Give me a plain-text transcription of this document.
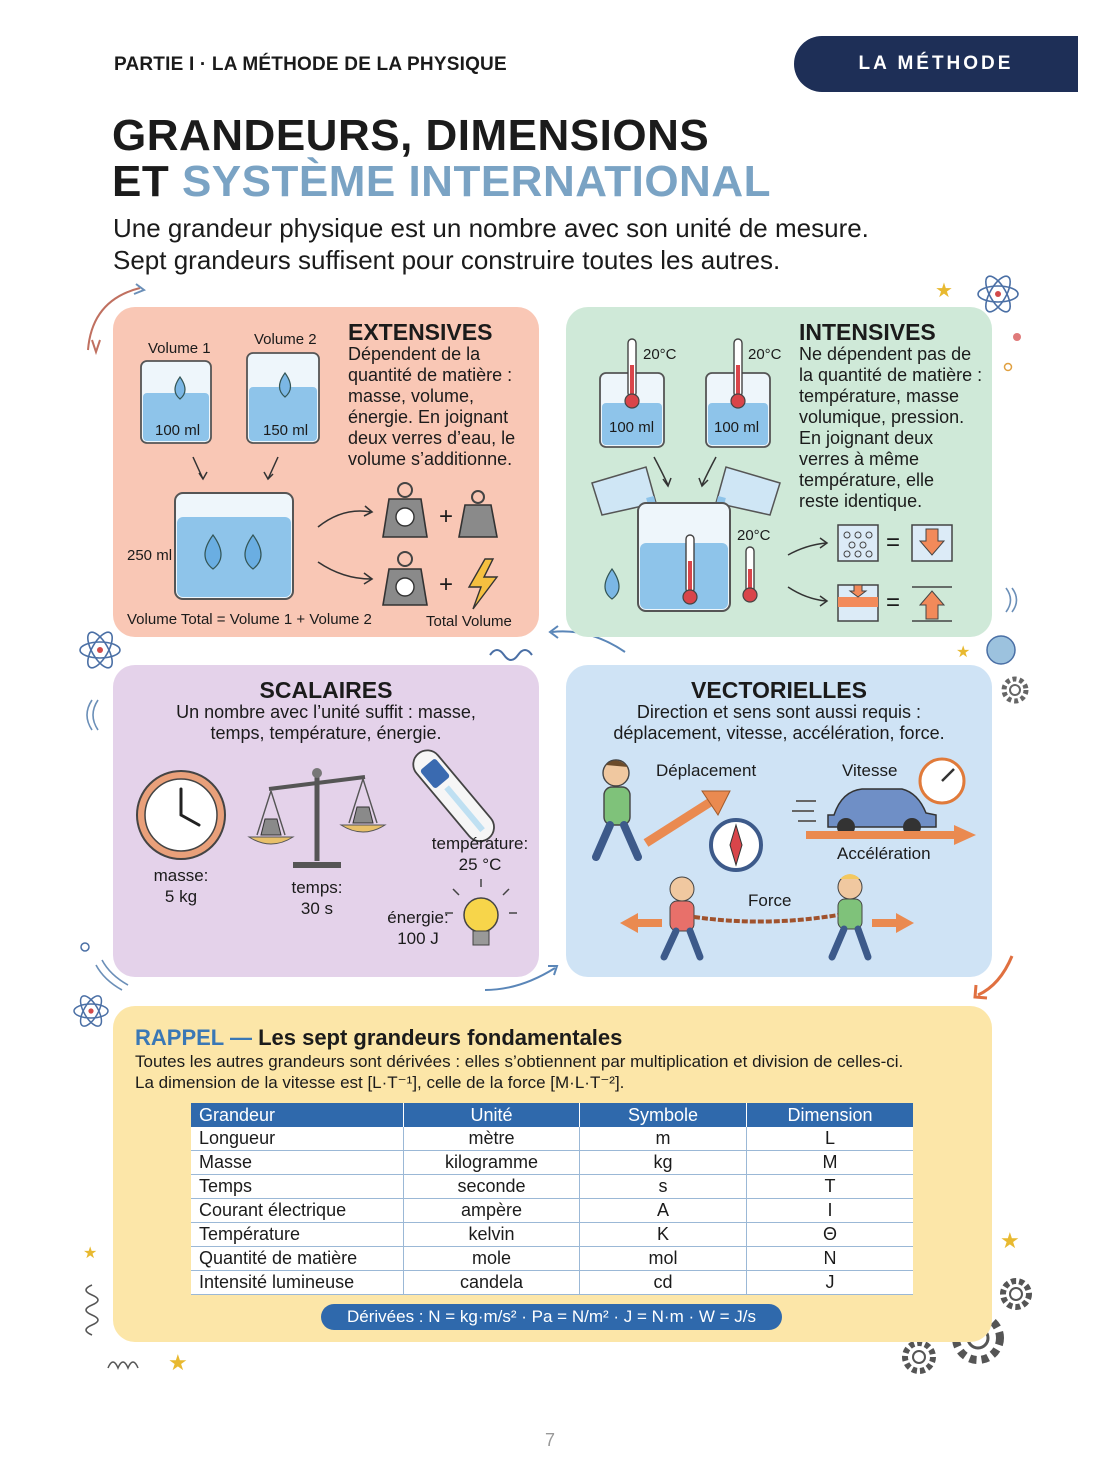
PARTIE I · LA MÉTHODE DE LA PHYSIQUE	LA MÉTHODE
GRANDEURS, DIMENSIONS
ET SYSTÈME INTERNATIONAL
Une grandeur physique est un nombre avec son unité de mesure.
Sept grandeurs suffisent pour construire toutes les autres.
★
★
★
★
★
EXTENSIVES
Dépendent de la
quantité de matière :
masse, volume,
énergie. En joignant
deux verres d’eau, le
volume s’additionne.
Volume 1
Volume 2
100 ml	150 ml
250 ml
Volume Total = Volume 1 + Volume 2	Total Volume
+
+
INTENSIVES
Ne dépendent pas de
la quantité de matière :
température, masse
volumique, pression.
En joignant deux
verres à même
température, elle
reste identique.
20°C	20°C
20°C
100 ml	100 ml
=
=
SCALAIRES
Un nombre avec l’unité suffit : masse,
temps, température, énergie.
masse:
5 kg	temps:
30 s
température:
25 °C
énergie:
100 J
VECTORIELLES
Direction et sens sont aussi requis :
déplacement, vitesse, accélération, force.
Déplacement	Vitesse
Accélération
Force
RAPPEL — Les sept grandeurs fondamentales
Toutes les autres grandeurs sont dérivées : elles s’obtiennent par multiplication et division de celles-ci.
La dimension de la vitesse est [L·T⁻¹], celle de la force [M·L·T⁻²].
Grandeur	Unité	Symbole	Dimension
Longueur	mètre	m	L
Masse	kilogramme	kg	M
Temps	seconde	s	T
Courant électrique	ampère	A	I
Température	kelvin	K	Θ
Quantité de matière	mole	mol	N
Intensité lumineuse	candela	cd	J
Dérivées : N = kg·m/s² · Pa = N/m² · J = N·m · W = J/s
7
